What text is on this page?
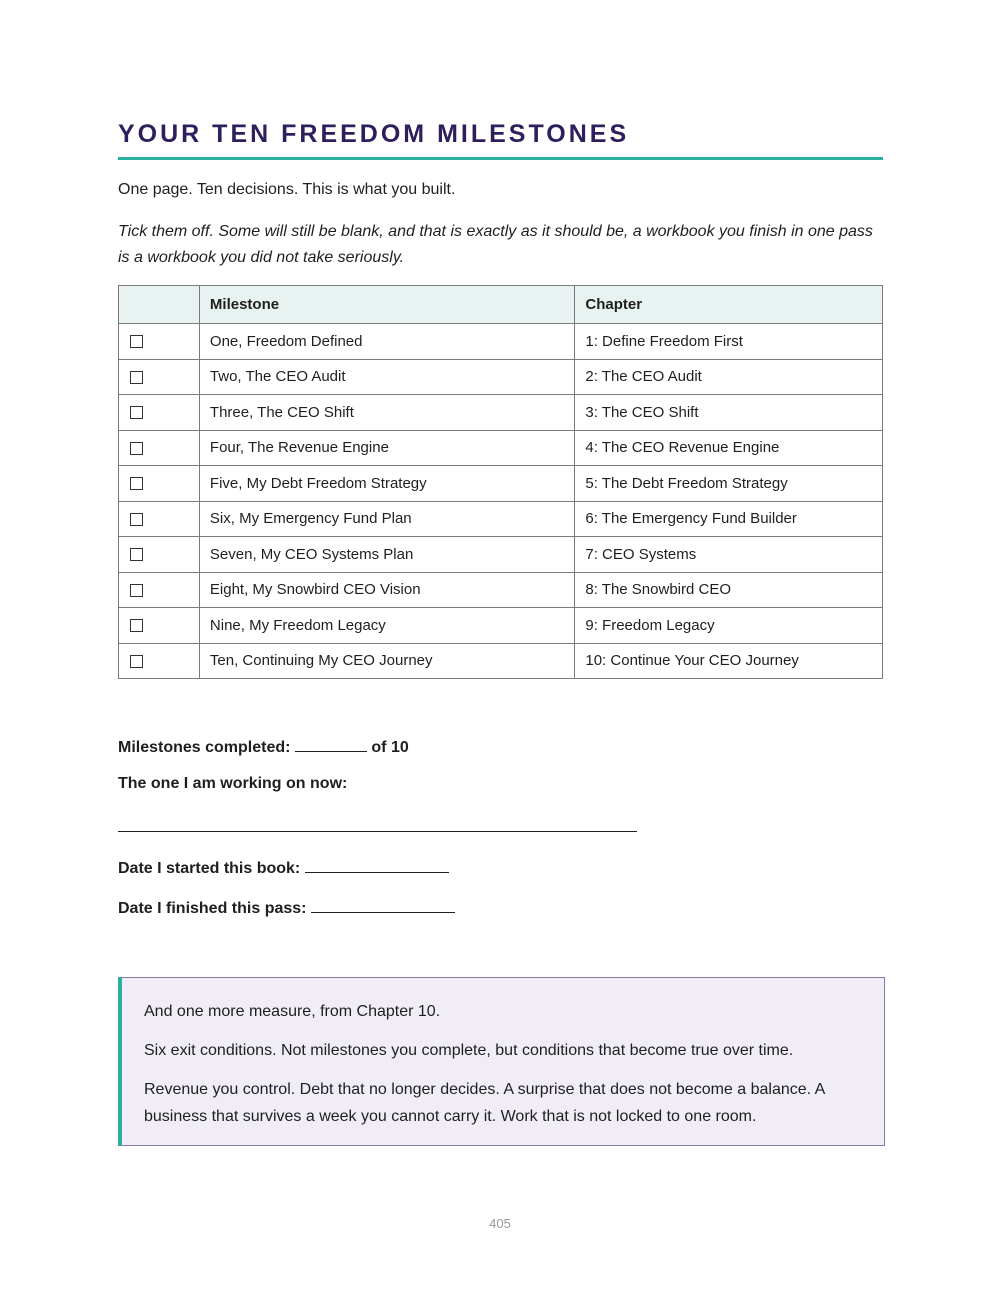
YOUR TEN FREEDOM MILESTONES

One page. Ten decisions. This is what you built.

Tick them off. Some will still be blank, and that is exactly as it should be, a workbook you finish in one pass is a workbook you did not take seriously.

	Milestone	Chapter
	One, Freedom Defined	1: Define Freedom First
	Two, The CEO Audit	2: The CEO Audit
	Three, The CEO Shift	3: The CEO Shift
	Four, The Revenue Engine	4: The CEO Revenue Engine
	Five, My Debt Freedom Strategy	5: The Debt Freedom Strategy
	Six, My Emergency Fund Plan	6: The Emergency Fund Builder
	Seven, My CEO Systems Plan	7: CEO Systems
	Eight, My Snowbird CEO Vision	8: The Snowbird CEO
	Nine, My Freedom Legacy	9: Freedom Legacy
	Ten, Continuing My CEO Journey	10: Continue Your CEO Journey

Milestones completed:	of 10

The one I am working on now:

Date I started this book:

Date I finished this pass:

And one more measure, from Chapter 10.

Six exit conditions. Not milestones you complete, but conditions that become true over time.

Revenue you control. Debt that no longer decides. A surprise that does not become a balance. A business that survives a week you cannot carry it. Work that is not locked to one room.

405
